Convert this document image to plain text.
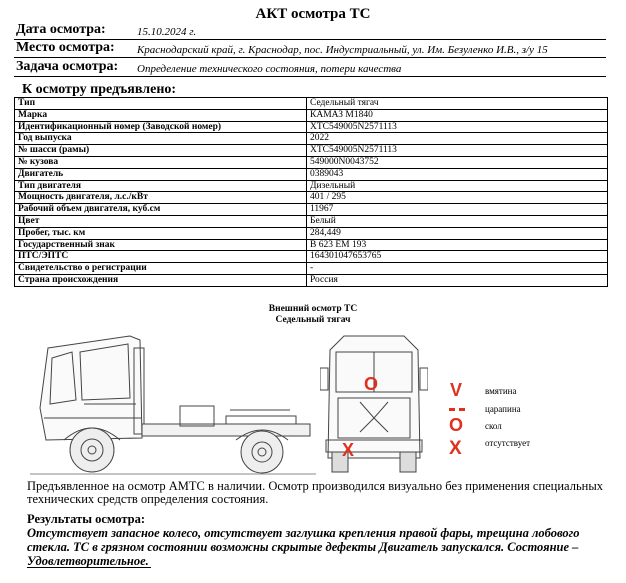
АКТ осмотра ТС
Дата осмотра:	15.10.2024 г.
Место осмотра: Краснодарский край, г. Краснодар, пос. Индустриальный, ул. Им. Безуленко И.В., з/у 15
Задача осмотра: Определение технического состояния, потери качества
К осмотру предъявлено:
Тип	Седельный тягач
Марка	КАМАЗ М1840
Идентификационный номер (Заводской номер)	XTC549005N2571113
Год выпуска	2022
№ шасси (рамы)	XTC549005N2571113
№ кузова	549000N0043752
Двигатель	0389043
Тип двигателя	Дизельный
Мощность двигателя, л.с./кВт	401 / 295
Рабочий объем двигателя, куб.см	11967
Цвет	Белый
Пробег, тыс. км	284,449
Государственный знак	В 623 ЕМ 193
ПТС/ЭПТС	164301047653765
Свидетельство о регистрации	-
Страна происхождения	Россия
Внешний осмотр ТС
Седельный тягач
O
X
V
O
X
вмятина
царапина
скол
отсутствует
Предъявленное на осмотр АМТС в наличии. Осмотр производился визуально без применения специальных технических средств определения состояния.
Результаты осмотра:
Отсутствует запасное колесо, отсутствует заглушка крепления правой фары, трещина лобового стекла. ТС в грязном состоянии возможны скрытые дефекты Двигатель запускался. Состояние – Удовлетворительное.
